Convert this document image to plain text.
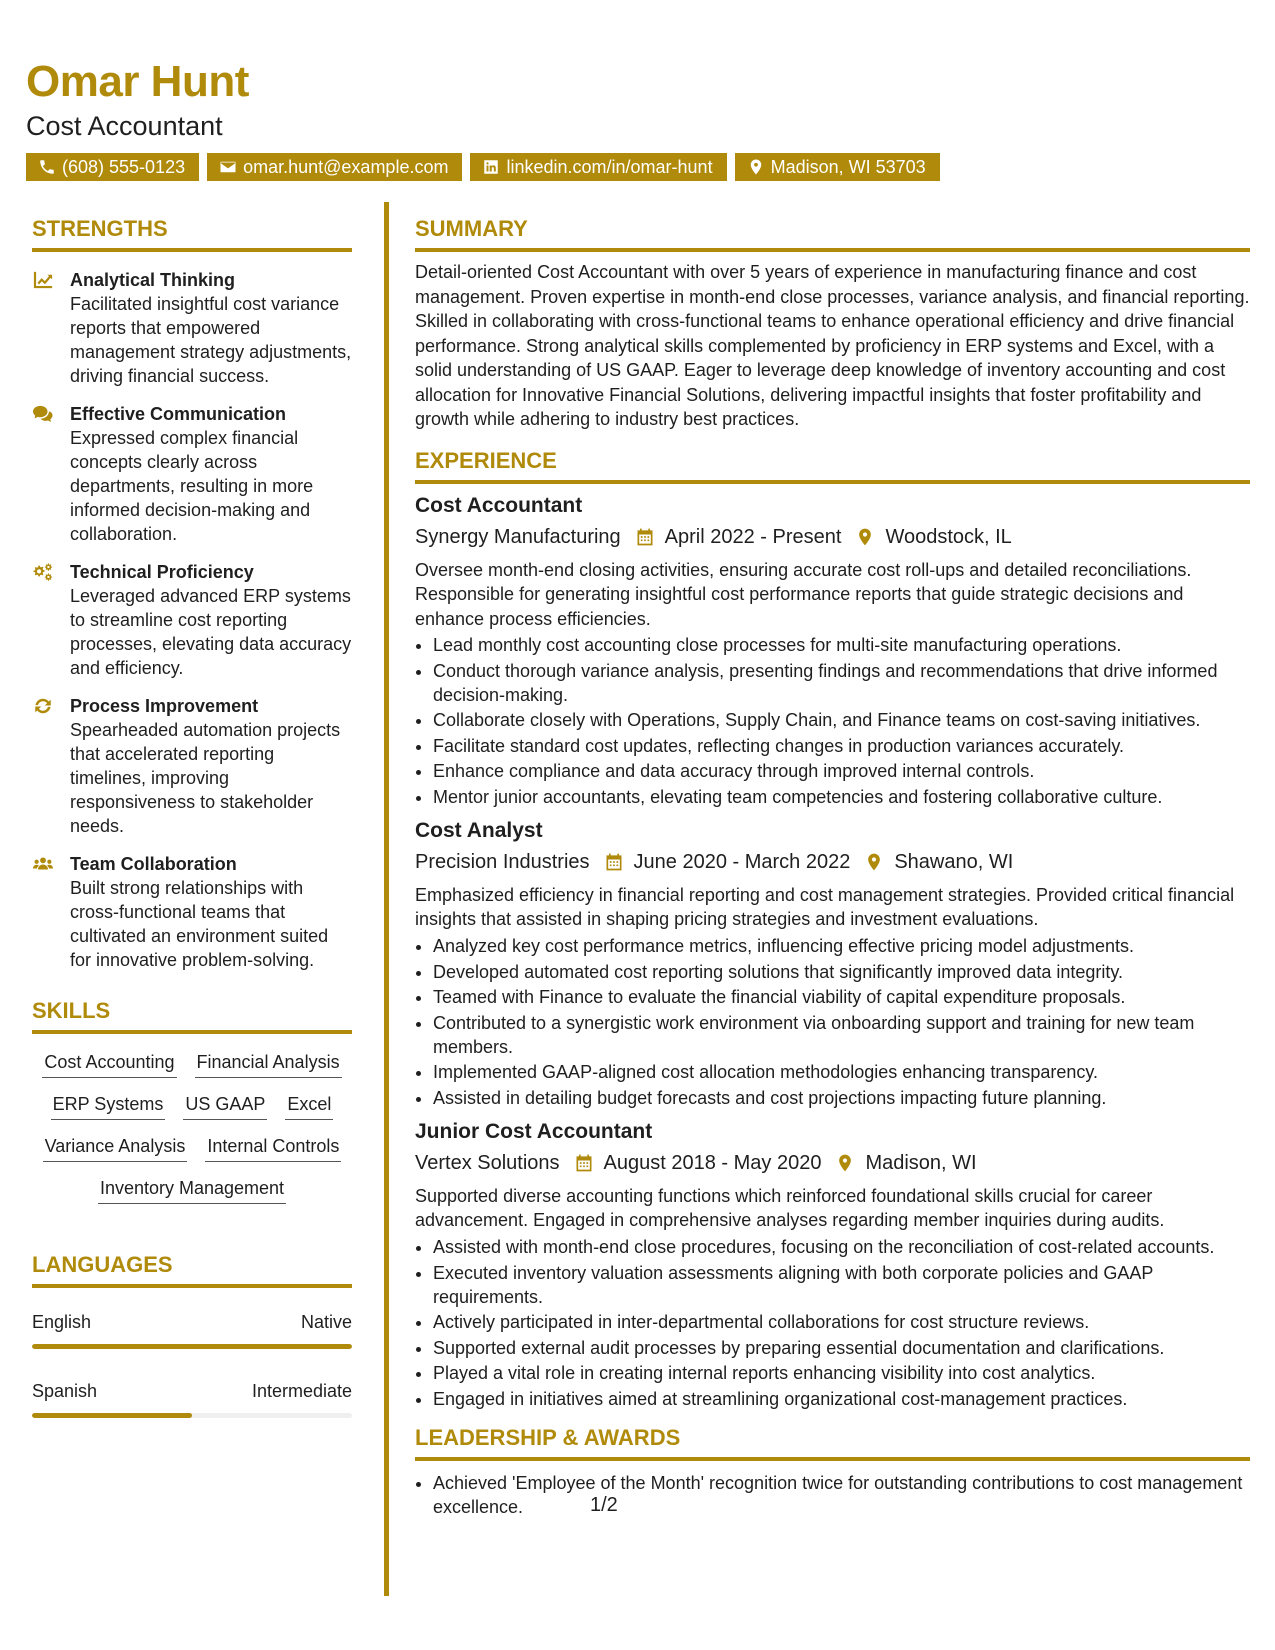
Omar Hunt
Cost Accountant
(608) 555-0123	omar.hunt@example.com	linkedin.com/in/omar-hunt	Madison, WI 53703
STRENGTHS
Analytical Thinking
Facilitated insightful cost variance reports that empowered management strategy adjustments, driving financial success.
Effective Communication
Expressed complex financial concepts clearly across departments, resulting in more informed decision-making and collaboration.
Technical Proficiency
Leveraged advanced ERP systems to streamline cost reporting processes, elevating data accuracy and efficiency.
Process Improvement
Spearheaded automation projects that accelerated reporting timelines, improving responsiveness to stakeholder needs.
Team Collaboration
Built strong relationships with cross-functional teams that cultivated an environment suited for innovative problem-solving.
SKILLS
Cost Accounting Financial Analysis
ERP Systems US GAAP Excel
Variance Analysis Internal Controls
Inventory Management
LANGUAGES
English	Native
Spanish	Intermediate
SUMMARY

Detail-oriented Cost Accountant with over 5 years of experience in manufacturing finance and cost management. Proven expertise in month-end close processes, variance analysis, and financial reporting. Skilled in collaborating with cross-functional teams to enhance operational efficiency and drive financial performance. Strong analytical skills complemented by proficiency in ERP systems and Excel, with a solid understanding of US GAAP. Eager to leverage deep knowledge of inventory accounting and cost allocation for Innovative Financial Solutions, delivering impactful insights that foster profitability and growth while adhering to industry best practices.

EXPERIENCE
Cost Accountant
Synergy Manufacturing April 2022 - Present Woodstock, IL

Oversee month-end closing activities, ensuring accurate cost roll-ups and detailed reconciliations. Responsible for generating insightful cost performance reports that guide strategic decisions and enhance process efficiencies.

• Lead monthly cost accounting close processes for multi-site manufacturing operations.
• Conduct thorough variance analysis, presenting findings and recommendations that drive informed decision-making.
• Collaborate closely with Operations, Supply Chain, and Finance teams on cost-saving initiatives.
• Facilitate standard cost updates, reflecting changes in production variances accurately.
• Enhance compliance and data accuracy through improved internal controls.
• Mentor junior accountants, elevating team competencies and fostering collaborative culture.
Cost Analyst
Precision Industries June 2020 - March 2022 Shawano, WI

Emphasized efficiency in financial reporting and cost management strategies. Provided critical financial insights that assisted in shaping pricing strategies and investment evaluations.

• Analyzed key cost performance metrics, influencing effective pricing model adjustments.
• Developed automated cost reporting solutions that significantly improved data integrity.
• Teamed with Finance to evaluate the financial viability of capital expenditure proposals.
• Contributed to a synergistic work environment via onboarding support and training for new team members.
• Implemented GAAP-aligned cost allocation methodologies enhancing transparency.
• Assisted in detailing budget forecasts and cost projections impacting future planning.
Junior Cost Accountant
Vertex Solutions August 2018 - May 2020 Madison, WI

Supported diverse accounting functions which reinforced foundational skills crucial for career advancement. Engaged in comprehensive analyses regarding member inquiries during audits.

• Assisted with month-end close procedures, focusing on the reconciliation of cost-related accounts.
• Executed inventory valuation assessments aligning with both corporate policies and GAAP requirements.
• Actively participated in inter-departmental collaborations for cost structure reviews.
• Supported external audit processes by preparing essential documentation and clarifications.
• Played a vital role in creating internal reports enhancing visibility into cost analytics.
• Engaged in initiatives aimed at streamlining organizational cost-management practices.
LEADERSHIP & AWARDS
• Achieved 'Employee of the Month' recognition twice for outstanding contributions to cost management excellence.	1/2
